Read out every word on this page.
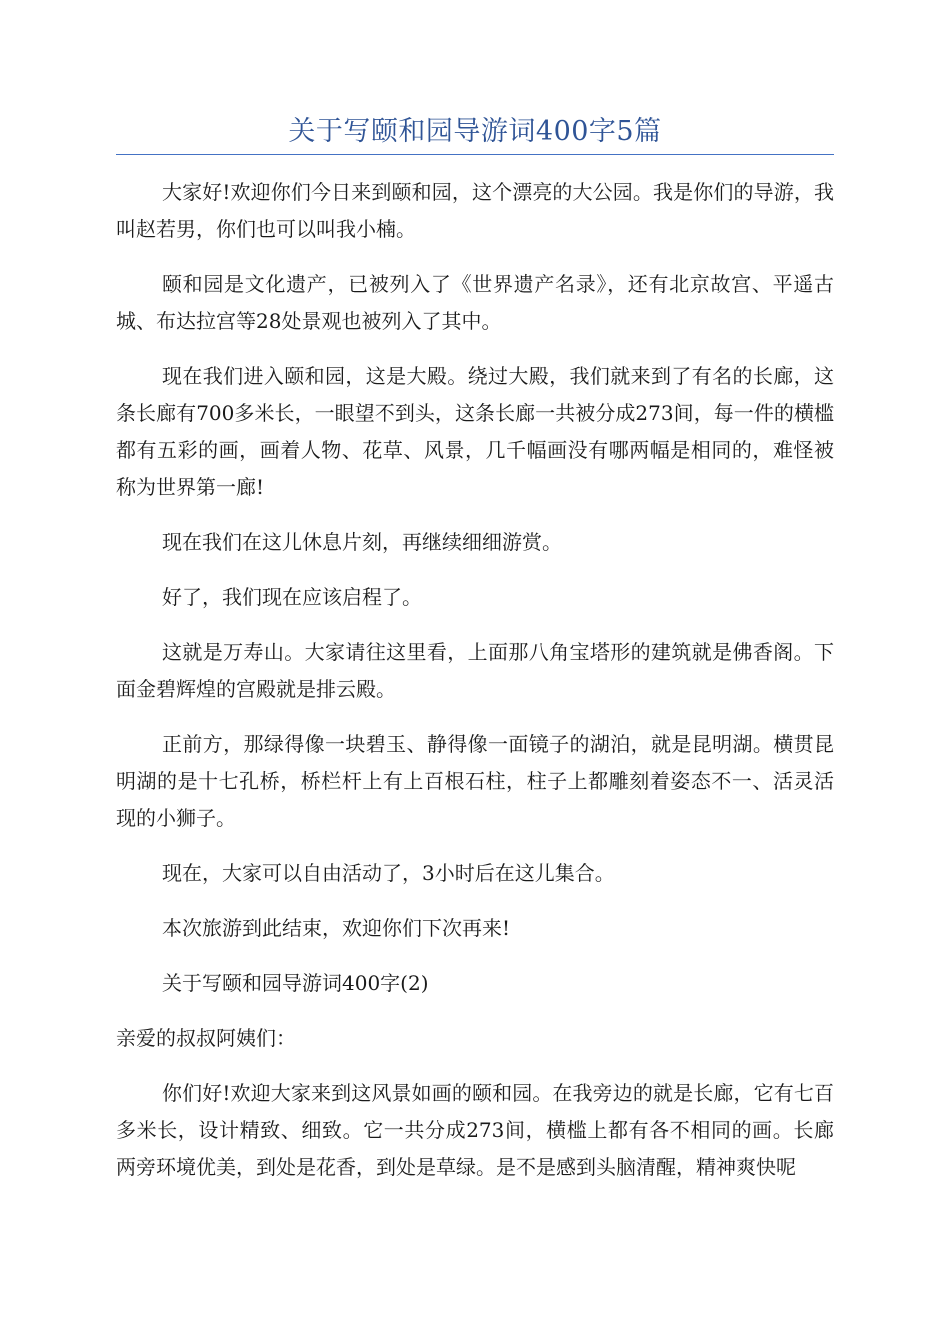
关于写颐和园导游词400字5篇

大家好!欢迎你们今日来到颐和园，这个漂亮的大公园。我是你们的导游，我叫赵若男，你们也可以叫我小楠。

颐和园是文化遗产，已被列入了《世界遗产名录》，还有北京故宫、平遥古城、布达拉宫等28处景观也被列入了其中。

现在我们进入颐和园，这是大殿。绕过大殿，我们就来到了有名的长廊，这条长廊有700多米长，一眼望不到头，这条长廊一共被分成273间，每一件的横槛都有五彩的画，画着人物、花草、风景，几千幅画没有哪两幅是相同的，难怪被称为世界第一廊!

现在我们在这儿休息片刻，再继续细细游赏。

好了，我们现在应该启程了。

这就是万寿山。大家请往这里看，上面那八角宝塔形的建筑就是佛香阁。下面金碧辉煌的宫殿就是排云殿。

正前方，那绿得像一块碧玉、静得像一面镜子的湖泊，就是昆明湖。横贯昆明湖的是十七孔桥，桥栏杆上有上百根石柱，柱子上都雕刻着姿态不一、活灵活现的小狮子。

现在，大家可以自由活动了，3小时后在这儿集合。

本次旅游到此结束，欢迎你们下次再来!

关于写颐和园导游词400字(2)

亲爱的叔叔阿姨们：

你们好!欢迎大家来到这风景如画的颐和园。在我旁边的就是长廊，它有七百多米长，设计精致、细致。它一共分成273间，横槛上都有各不相同的画。长廊两旁环境优美，到处是花香，到处是草绿。是不是感到头脑清醒，精神爽快呢
